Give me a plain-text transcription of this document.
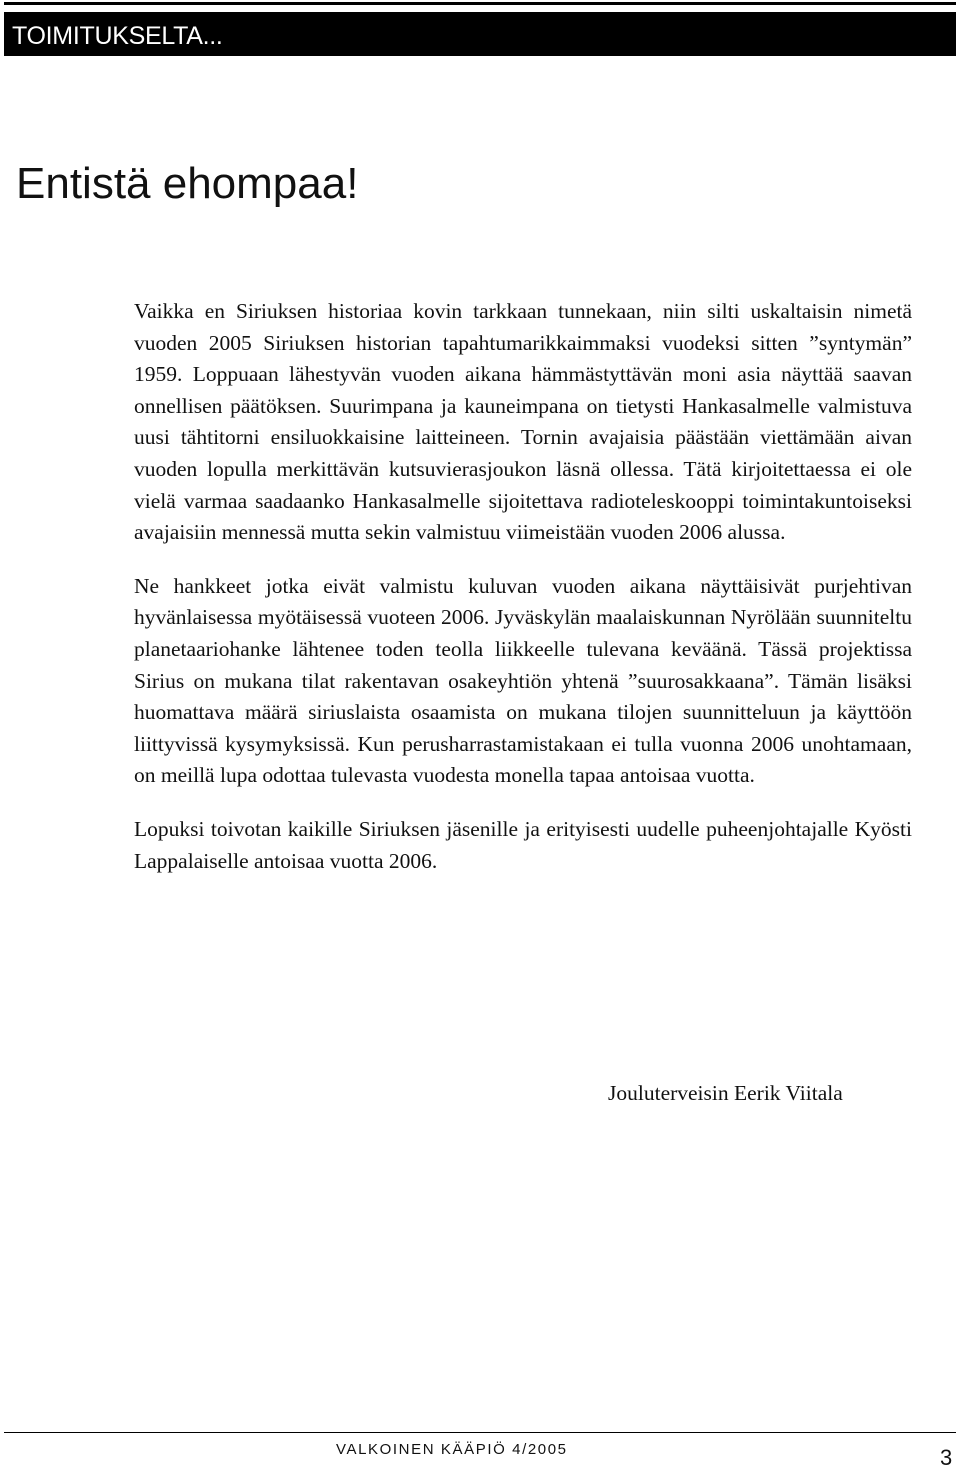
TOIMITUKSELTA...
Entistä ehompaa!

Vaikka en Siriuksen historiaa kovin tarkkaan tunnekaan, niin silti uskaltaisin nimetä vuoden 2005 Siriuksen historian tapahtumarikkaimmaksi vuodeksi sitten ”syntymän” 1959. Loppuaan lähestyvän vuoden aikana hämmästyttävän moni asia näyttää saavan onnellisen päätöksen. Suurimpana ja kauneimpana on tietysti Hankasalmelle valmistuva uusi tähtitorni ensiluokkaisine laitteineen. Tornin avajaisia päästään viettämään aivan vuoden lopulla merkittävän kutsuvierasjoukon läsnä ollessa. Tätä kirjoitettaessa ei ole vielä varmaa saadaanko Hankasalmelle sijoitettava radioteleskooppi toimintakuntoiseksi avajaisiin mennessä mutta sekin valmistuu viimeistään vuoden 2006 alussa.

Ne hankkeet jotka eivät valmistu kuluvan vuoden aikana näyttäisivät purjehtivan hyvänlaisessa myötäisessä vuoteen 2006. Jyväskylän maalaiskunnan Nyrölään suunniteltu planetaariohanke lähtenee toden teolla liikkeelle tulevana keväänä. Tässä projektissa Sirius on mukana tilat rakentavan osakeyhtiön yhtenä ”suurosakkaana”. Tämän lisäksi huomattava määrä siriuslaista osaamista on mukana tilojen suunnitteluun ja käyttöön liittyvissä kysymyksissä. Kun perusharrastamistakaan ei tulla vuonna 2006 unohtamaan, on meillä lupa odottaa tulevasta vuodesta monella tapaa antoisaa vuotta.

Lopuksi toivotan kaikille Siriuksen jäsenille ja erityisesti uudelle puheenjohtajalle Kyösti Lappalaiselle antoisaa vuotta 2006.

Jouluterveisin Eerik Viitala
VALKOINEN KÄÄPIÖ 4/2005	3
